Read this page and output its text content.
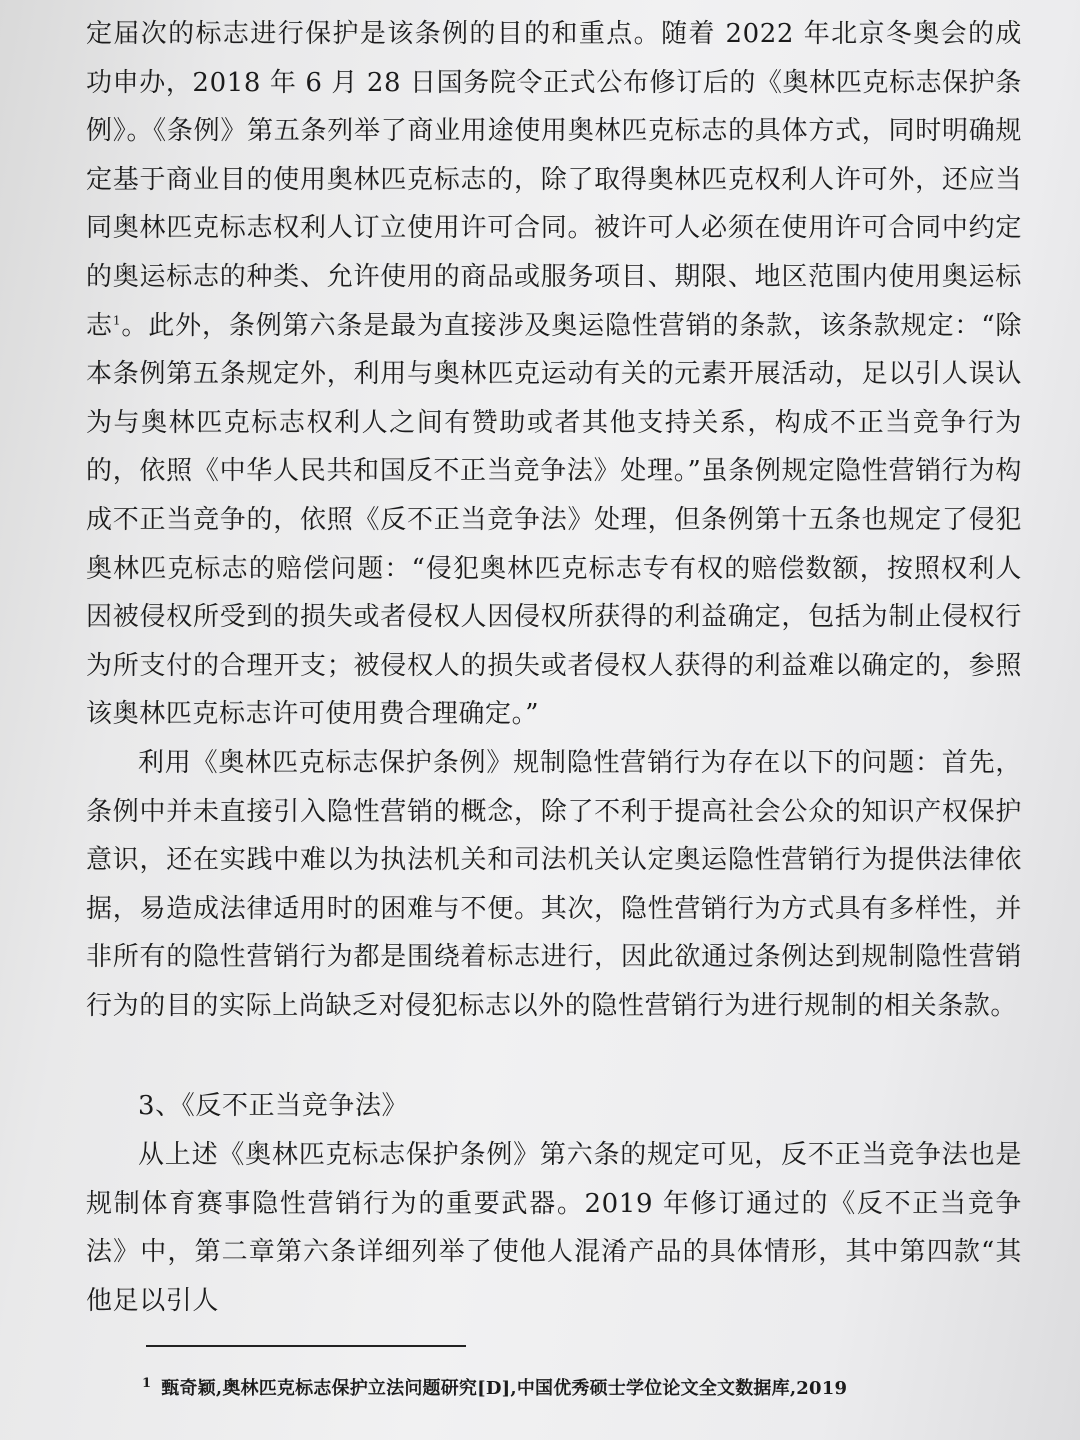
定届次的标志进行保护是该条例的目的和重点。随着 2022 年北京冬奥会的成功申办，2018 年 6 月 28 日国务院令正式公布修订后的《奥林匹克标志保护条例》。《条例》第五条列举了商业用途使用奥林匹克标志的具体方式，同时明确规定基于商业目的使用奥林匹克标志的，除了取得奥林匹克权利人许可外，还应当同奥林匹克标志权利人订立使用许可合同。被许可人必须在使用许可合同中约定的奥运标志的种类、允许使用的商品或服务项目、期限、地区范围内使用奥运标志$^1$。此外，条例第六条是最为直接涉及奥运隐性营销的条款，该条款规定：“除本条例第五条规定外，利用与奥林匹克运动有关的元素开展活动，足以引人误认为与奥林匹克标志权利人之间有赞助或者其他支持关系，构成不正当竞争行为的，依照《中华人民共和国反不正当竞争法》处理。”虽条例规定隐性营销行为构成不正当竞争的，依照《反不正当竞争法》处理，但条例第十五条也规定了侵犯奥林匹克标志的赔偿问题：“侵犯奥林匹克标志专有权的赔偿数额，按照权利人因被侵权所受到的损失或者侵权人因侵权所获得的利益确定，包括为制止侵权行为所支付的合理开支；被侵权人的损失或者侵权人获得的利益难以确定的，参照该奥林匹克标志许可使用费合理确定。”

利用《奥林匹克标志保护条例》规制隐性营销行为存在以下的问题：首先，条例中并未直接引入隐性营销的概念，除了不利于提高社会公众的知识产权保护意识，还在实践中难以为执法机关和司法机关认定奥运隐性营销行为提供法律依据，易造成法律适用时的困难与不便。其次，隐性营销行为方式具有多样性，并非所有的隐性营销行为都是围绕着标志进行，因此欲通过条例达到规制隐性营销行为的目的实际上尚缺乏对侵犯标志以外的隐性营销行为进行规制的相关条款。

3、《反不正当竞争法》

从上述《奥林匹克标志保护条例》第六条的规定可见，反不正当竞争法也是规制体育赛事隐性营销行为的重要武器。2019 年修订通过的《反不正当竞争法》中，第二章第六条详细列举了使他人混淆产品的具体情形，其中第四款“其他足以引人

$^1$ 甄奇颖,奥林匹克标志保护立法问题研究[D],中国优秀硕士学位论文全文数据库,2019
